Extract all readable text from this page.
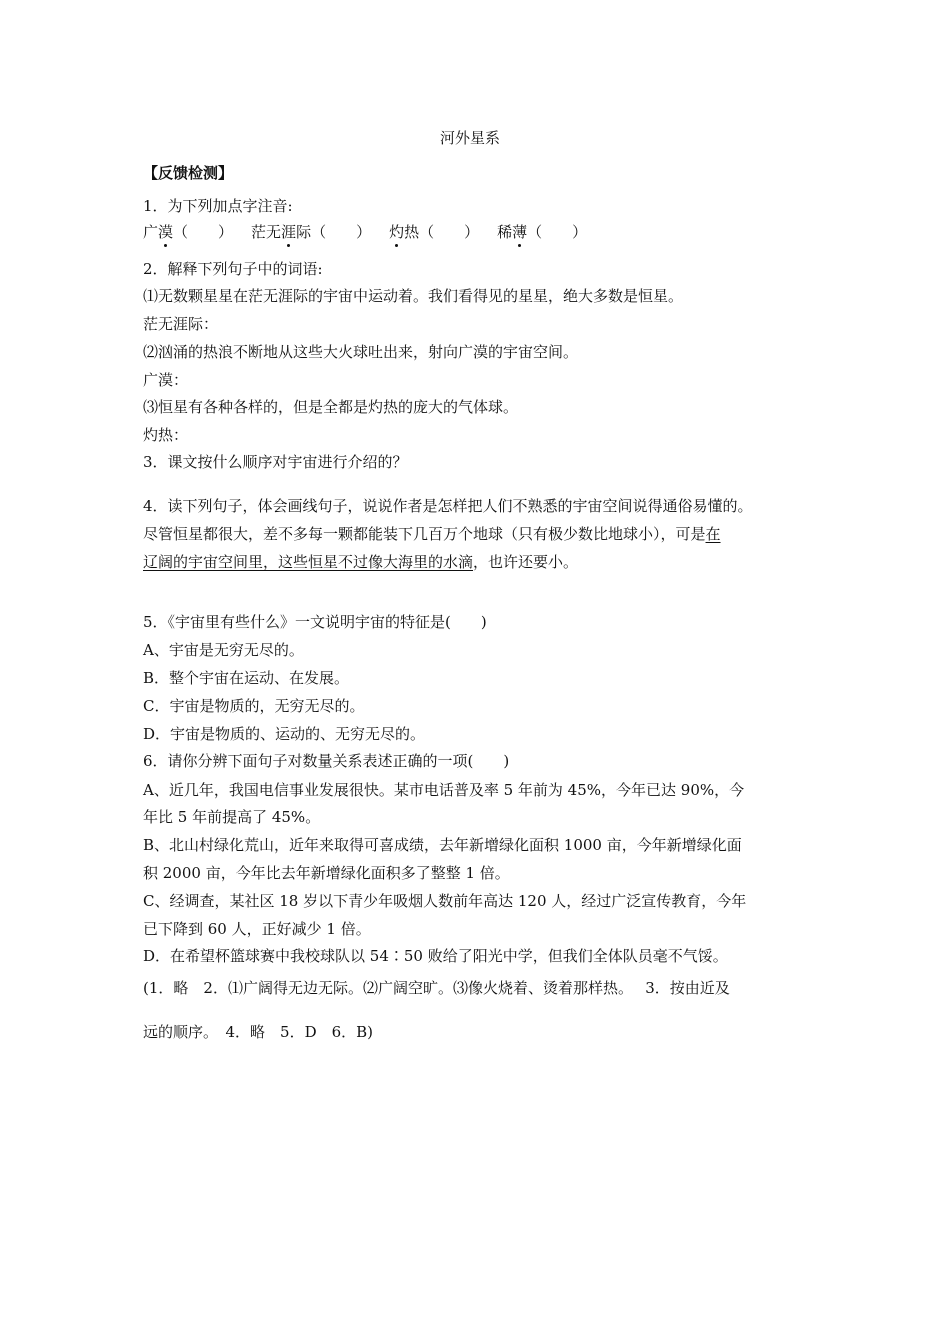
河外星系
【反馈检测】
1．为下列加点字注音:
广漠（　　） 茫无涯际（　　） 灼热（　　） 稀薄（　　）
2．解释下列句子中的词语:
⑴无数颗星星在茫无涯际的宇宙中运动着。我们看得见的星星，绝大多数是恒星。
茫无涯际：
⑵汹涌的热浪不断地从这些大火球吐出来，射向广漠的宇宙空间。
广漠：
⑶恒星有各种各样的，但是全都是灼热的庞大的气体球。
灼热：
3．课文按什么顺序对宇宙进行介绍的？
4．读下列句子，体会画线句子，说说作者是怎样把人们不熟悉的宇宙空间说得通俗易懂的。
尽管恒星都很大，差不多每一颗都能装下几百万个地球（只有极少数比地球小），可是在
辽阔的宇宙空间里，这些恒星不过像大海里的水滴，也许还要小。
5．《宇宙里有些什么》一文说明宇宙的特征是(　　)
A、宇宙是无穷无尽的。
B．整个宇宙在运动、在发展。
C．宇宙是物质的，无穷无尽的。
D．宇宙是物质的、运动的、无穷无尽的。
6．请你分辨下面句子对数量关系表述正确的一项(　　)
A、近几年，我国电信事业发展很快。某市电话普及率 5 年前为 45%，今年已达 90%，今
年比 5 年前提高了 45%。
B、北山村绿化荒山，近年来取得可喜成绩，去年新增绿化面积 1000 亩，今年新增绿化面
积 2000 亩，今年比去年新增绿化面积多了整整 1 倍。
C、经调查，某社区 18 岁以下青少年吸烟人数前年高达 120 人，经过广泛宣传教育，今年
已下降到 60 人，正好减少 1 倍。
D．在希望杯篮球赛中我校球队以 54∶50 败给了阳光中学，但我们全体队员毫不气馁。
(1．略　2．⑴广阔得无边无际。⑵广阔空旷。⑶像火烧着、烫着那样热。　 3．按由近及
远的顺序。　4．略　5．D　6．B)
